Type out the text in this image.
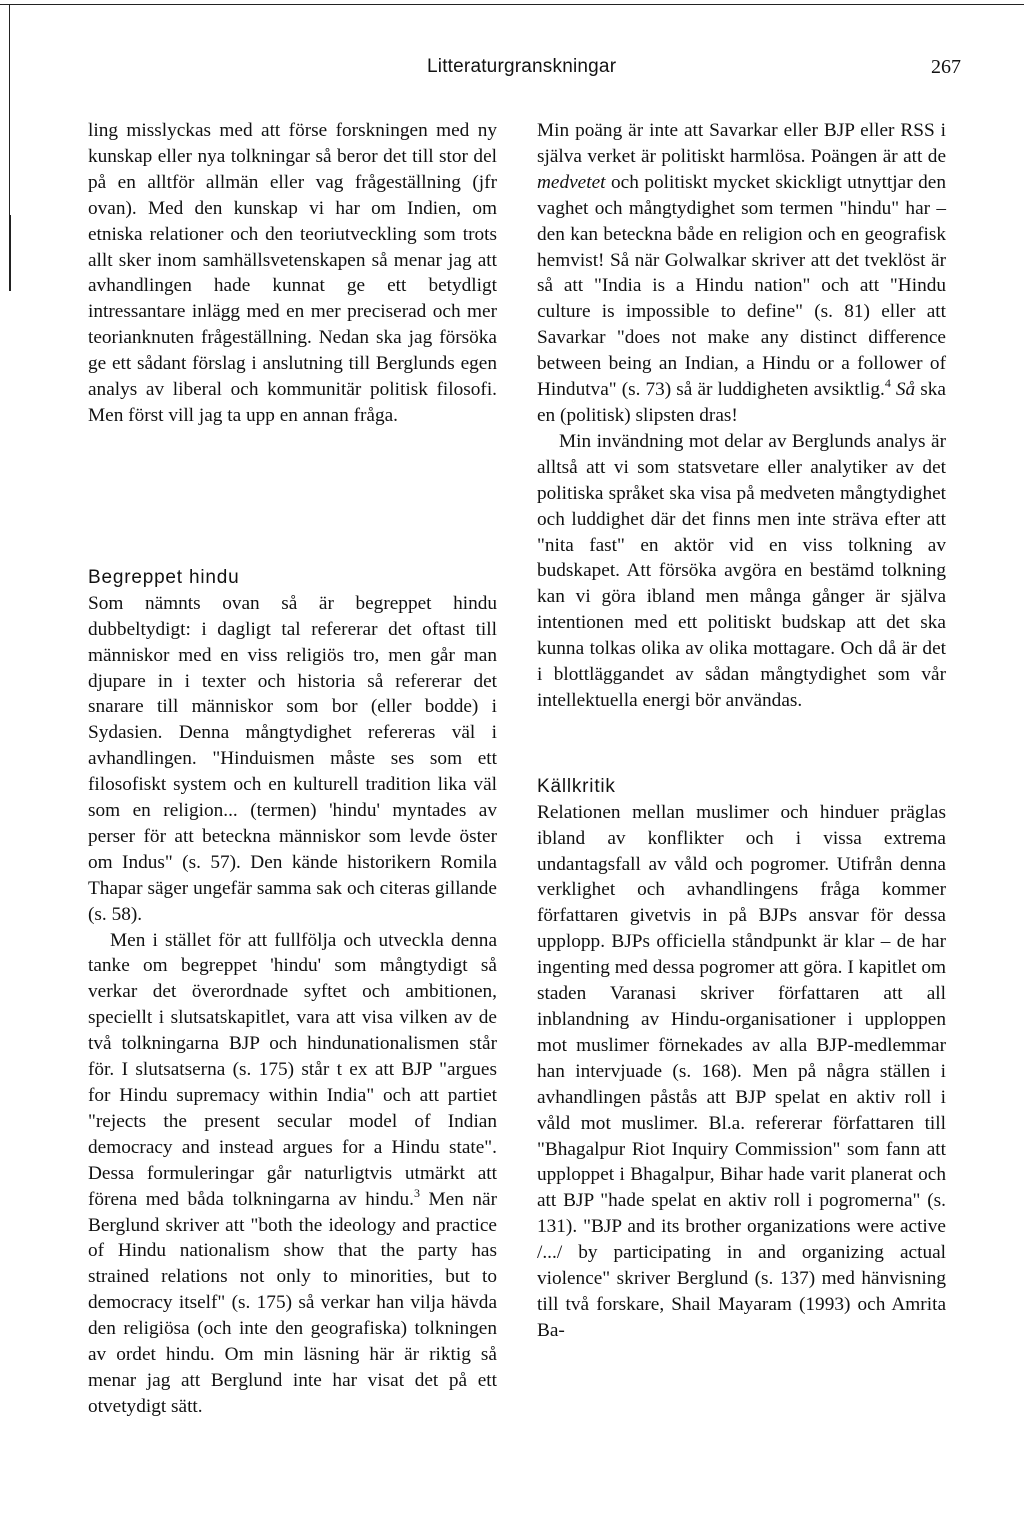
Litteraturgranskningar	267

ling misslyckas med att förse forskningen med ny kunskap eller nya tolkningar så beror det till stor del på en alltför allmän eller vag frågeställning (jfr ovan). Med den kunskap vi har om Indien, om etniska relationer och den teoriutveckling som trots allt sker inom samhällsvetenskapen så menar jag att avhandlingen hade kunnat ge ett betydligt intressantare inlägg med en mer preciserad och mer teorianknuten frågeställning. Nedan ska jag försöka ge ett sådant förslag i anslutning till Berglunds egen analys av liberal och kommunitär politisk filosofi. Men först vill jag ta upp en annan fråga.

Begreppet hindu

Som nämnts ovan så är begreppet hindu dubbeltydigt: i dagligt tal refererar det oftast till människor med en viss religiös tro, men går man djupare in i texter och historia så refererar det snarare till människor som bor (eller bodde) i Sydasien. Denna mångtydighet refereras väl i avhandlingen. "Hinduismen måste ses som ett filosofiskt system och en kulturell tradition lika väl som en religion... (termen) 'hindu' myntades av perser för att beteckna människor som levde öster om Indus" (s. 57). Den kände historikern Romila Thapar säger ungefär samma sak och citeras gillande (s. 58).

Men i stället för att fullfölja och utveckla denna tanke om begreppet 'hindu' som mångtydigt så verkar det överordnade syftet och ambitionen, speciellt i slutsatskapitlet, vara att visa vilken av de två tolkningarna BJP och hindunationalismen står för. I slutsatserna (s. 175) står t ex att BJP "argues for Hindu supremacy within India" och att partiet "rejects the present secular model of Indian democracy and instead argues for a Hindu state". Dessa formuleringar går naturligtvis utmärkt att förena med båda tolkningarna av hindu.$^3$ Men när Berglund skriver att "both the ideology and practice of Hindu nationalism show that the party has strained relations not only to minorities, but to democracy itself" (s. 175) så verkar han vilja hävda den religiösa (och inte den geografiska) tolkningen av ordet hindu. Om min läsning här är riktig så menar jag att Berglund inte har visat det på ett otvetydigt sätt.

Min poäng är inte att Savarkar eller BJP eller RSS i själva verket är politiskt harmlösa. Poängen är att de medvetet och politiskt mycket skickligt utnyttjar den vaghet och mångtydighet som termen "hindu" har – den kan beteckna både en religion och en geografisk hemvist! Så när Golwalkar skriver att det tveklöst är så att "India is a Hindu nation" och att "Hindu culture is impossible to define" (s. 81) eller att Savarkar "does not make any distinct difference between being an Indian, a Hindu or a follower of Hindutva" (s. 73) så är luddigheten avsiktlig.$^4$ Så ska en (politisk) slipsten dras!

Min invändning mot delar av Berglunds analys är alltså att vi som statsvetare eller analytiker av det politiska språket ska visa på medveten mångtydighet och luddighet där det finns men inte sträva efter att "nita fast" en aktör vid en viss tolkning av budskapet. Att försöka avgöra en bestämd tolkning kan vi göra ibland men många gånger är själva intentionen med ett politiskt budskap att det ska kunna tolkas olika av olika mottagare. Och då är det i blottläggandet av sådan mångtydighet som vår intellektuella energi bör användas.

Källkritik

Relationen mellan muslimer och hinduer präglas ibland av konflikter och i vissa extrema undantagsfall av våld och pogromer. Utifrån denna verklighet och avhandlingens fråga kommer författaren givetvis in på BJPs ansvar för dessa upplopp. BJPs officiella ståndpunkt är klar – de har ingenting med dessa pogromer att göra. I kapitlet om staden Varanasi skriver författaren att all inblandning av Hindu-organisationer i upploppen mot muslimer förnekades av alla BJP-medlemmar han intervjuade (s. 168). Men på några ställen i avhandlingen påstås att BJP spelat en aktiv roll i våld mot muslimer. Bl.a. refererar författaren till "Bhagalpur Riot Inquiry Commission" som fann att upploppet i Bhagalpur, Bihar hade varit planerat och att BJP "hade spelat en aktiv roll i pogromerna" (s. 131). "BJP and its brother organizations were active /.../ by participating in and organizing actual violence" skriver Berglund (s. 137) med hänvisning till två forskare, Shail Mayaram (1993) och Amrita Ba-
